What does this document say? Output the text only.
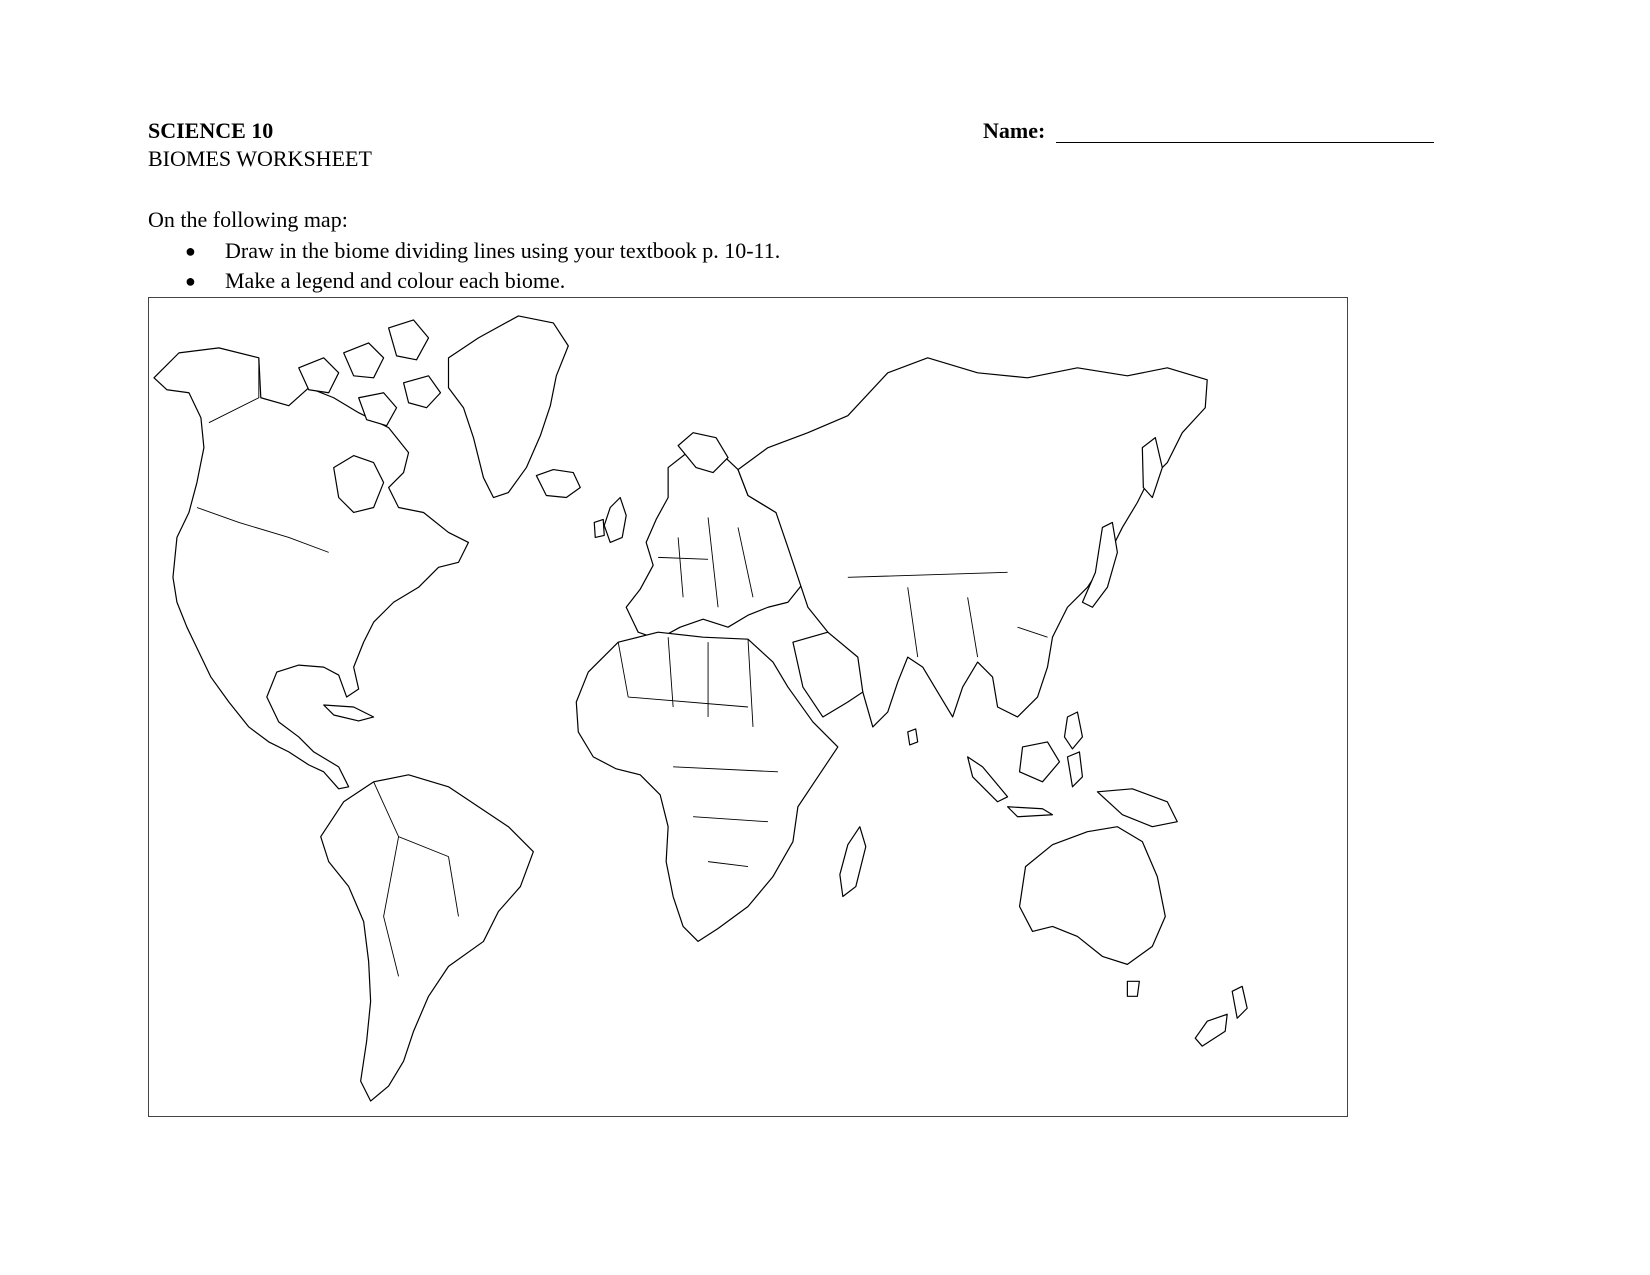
SCIENCE 10
BIOMES WORKSHEET
Name:
On the following map:
● Draw in the biome dividing lines using your textbook p. 10-11.
● Make a legend and colour each biome.
